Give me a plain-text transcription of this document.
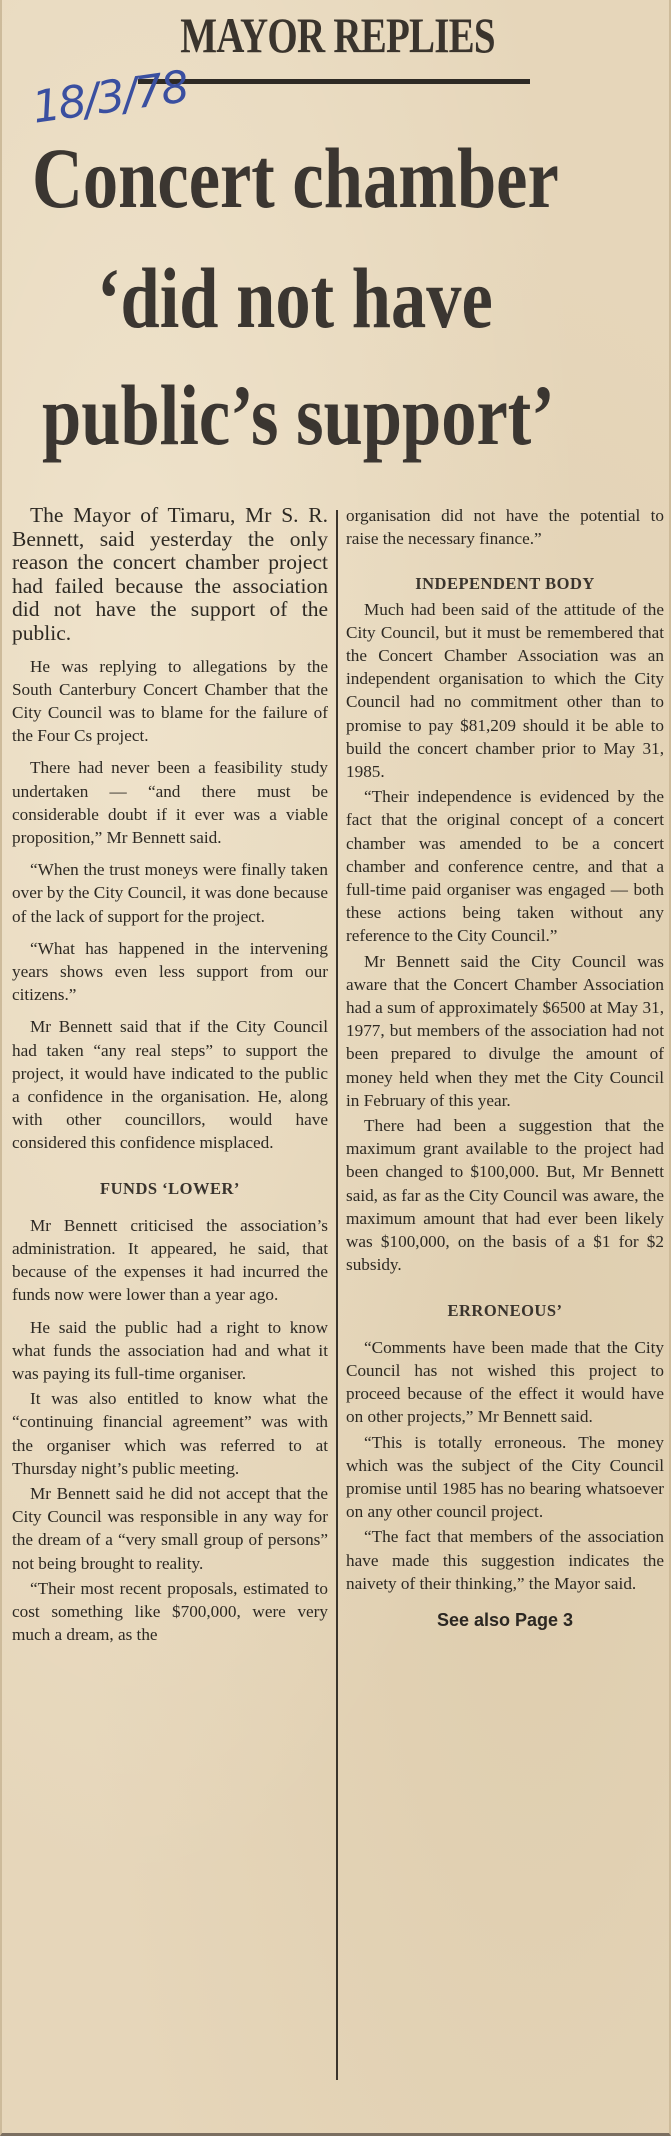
MAYOR REPLIES
18/3/78
Concert chamber
‘did not have
public’s support’

The Mayor of Timaru, Mr S. R. Bennett, said yesterday the only reason the concert chamber project had failed because the association did not have the support of the public.

He was replying to allegations by the South Canterbury Concert Chamber that the City Council was to blame for the failure of the Four Cs project.

There had never been a feasibility study undertaken — “and there must be considerable doubt if it ever was a viable proposition,” Mr Bennett said.

“When the trust moneys were finally taken over by the City Council, it was done because of the lack of support for the project.

“What has happened in the intervening years shows even less support from our citizens.”

Mr Bennett said that if the City Council had taken “any real steps” to support the project, it would have indicated to the public a confidence in the organisation. He, along with other councillors, would have considered this confidence misplaced.

FUNDS ‘LOWER’

Mr Bennett criticised the association’s administration. It appeared, he said, that because of the expenses it had incurred the funds now were lower than a year ago.

He said the public had a right to know what funds the association had and what it was paying its full-time organiser.

It was also entitled to know what the “continuing financial agreement” was with the organiser which was referred to at Thursday night’s public meeting.

Mr Bennett said he did not accept that the City Council was responsible in any way for the dream of a “very small group of persons” not being brought to reality.

“Their most recent proposals, estimated to cost something like $700,000, were very much a dream, as the

organisation did not have the potential to raise the necessary finance.”

INDEPENDENT BODY

Much had been said of the attitude of the City Council, but it must be remembered that the Concert Chamber Association was an independent organisation to which the City Council had no commitment other than to promise to pay $81,209 should it be able to build the concert chamber prior to May 31, 1985.

“Their independence is evidenced by the fact that the original concept of a concert chamber was amended to be a concert chamber and conference centre, and that a full-time paid organiser was engaged — both these actions being taken without any reference to the City Council.”

Mr Bennett said the City Council was aware that the Concert Chamber Association had a sum of approximately $6500 at May 31, 1977, but members of the association had not been prepared to divulge the amount of money held when they met the City Council in February of this year.

There had been a suggestion that the maximum grant available to the project had been changed to $100,000. But, Mr Bennett said, as far as the City Council was aware, the maximum amount that had ever been likely was $100,000, on the basis of a $1 for $2 subsidy.

ERRONEOUS’

“Comments have been made that the City Council has not wished this project to proceed because of the effect it would have on other projects,” Mr Bennett said.

“This is totally erroneous. The money which was the subject of the City Council promise until 1985 has no bearing whatsoever on any other council project.

“The fact that members of the association have made this suggestion indicates the naivety of their thinking,” the Mayor said.

See also Page 3
